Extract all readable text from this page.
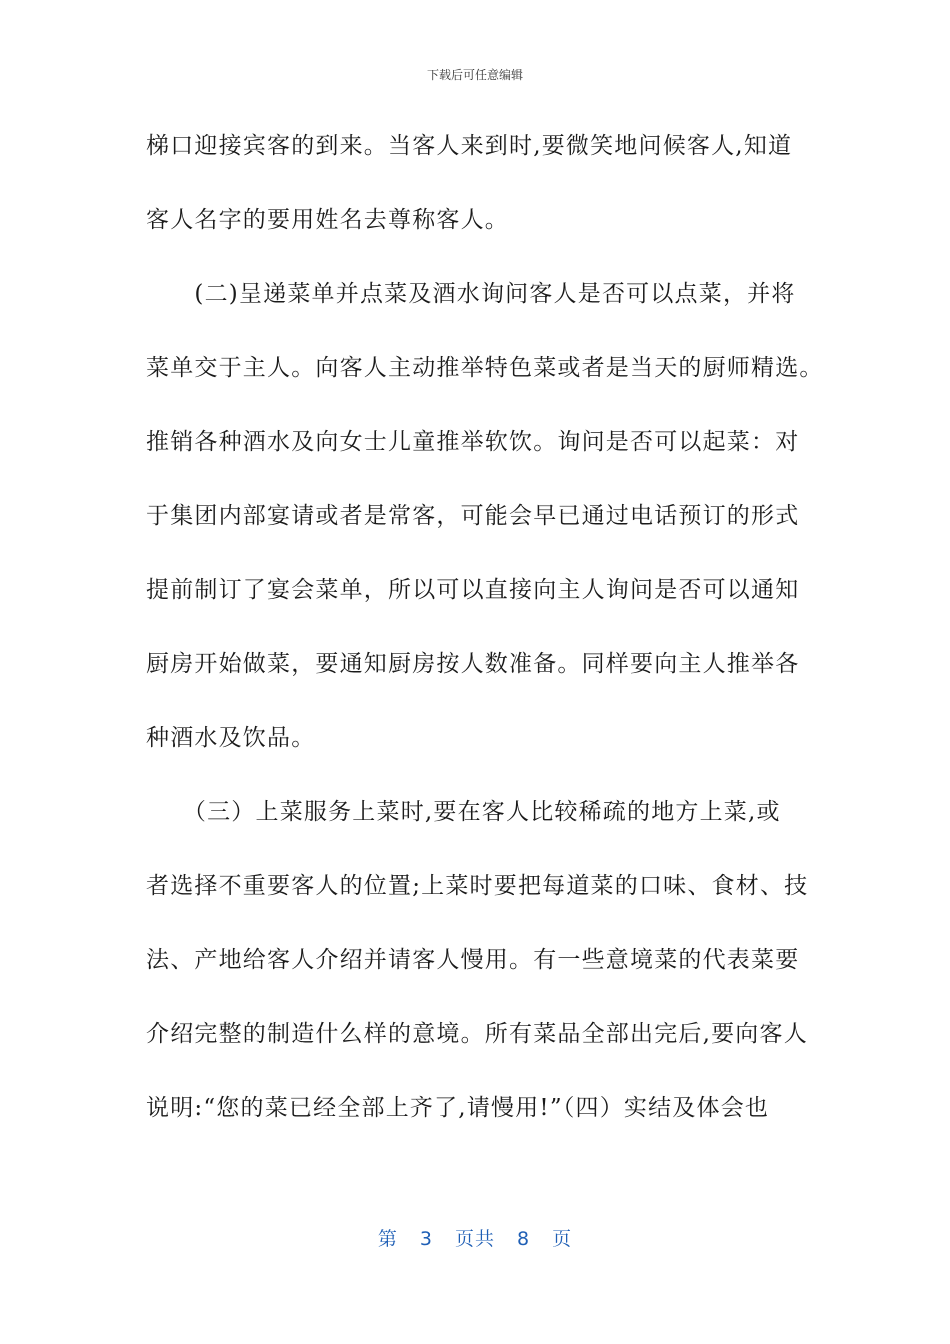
下载后可任意编辑
梯口迎接宾客的到来。当客人来到时,要微笑地问候客人,知道
客人名字的要用姓名去尊称客人。
　　(二)呈递菜单并点菜及酒水询问客人是否可以点菜，并将
菜单交于主人。向客人主动推举特色菜或者是当天的厨师精选。
推销各种酒水及向女士儿童推举软饮。询问是否可以起菜：对
于集团内部宴请或者是常客，可能会早已通过电话预订的形式
提前制订了宴会菜单，所以可以直接向主人询问是否可以通知
厨房开始做菜，要通知厨房按人数准备。同样要向主人推举各
种酒水及饮品。
　　（三）上菜服务上菜时,要在客人比较稀疏的地方上菜,或
者选择不重要客人的位置;上菜时要把每道菜的口味、食材、技
法、产地给客人介绍并请客人慢用。有一些意境菜的代表菜要
介绍完整的制造什么样的意境。所有菜品全部出完后,要向客人
说明:“您的菜已经全部上齐了,请慢用!”（四）实结及体会也
第 3 页共 8 页
